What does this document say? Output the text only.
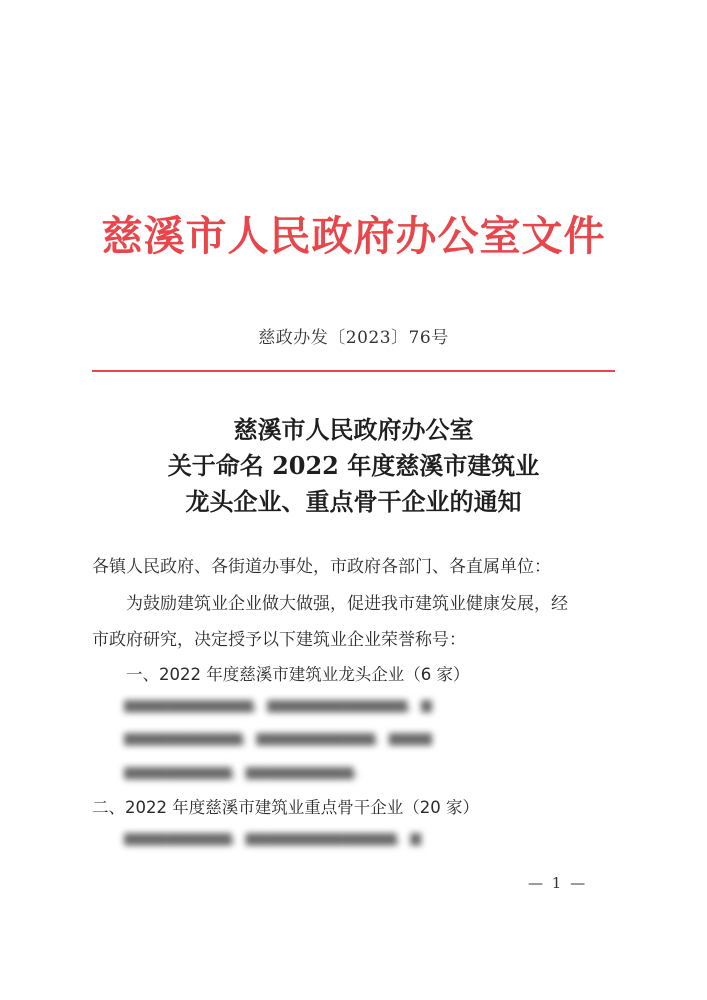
慈溪市人民政府办公室文件
慈政办发〔2023〕76号
慈溪市人民政府办公室
关于命名 2022 年度慈溪市建筑业
龙头企业、重点骨干企业的通知
各镇人民政府、各街道办事处，市政府各部门、各直属单位：
为鼓励建筑业企业做大做强，促进我市建筑业健康发展，经
市政府研究，决定授予以下建筑业企业荣誉称号：
一、2022 年度慈溪市建筑业龙头企业（6 家）
▆▆▆▆▆▆▆▆▆▆▆▆，▆▆▆▆▆▆▆▆▆▆▆▆▆，▆
▆▆▆▆▆▆▆▆▆▆▆，▆▆▆▆▆▆▆▆▆▆▆，▆▆▆▆
▆▆▆▆▆▆▆▆▆▆，▆▆▆▆▆▆▆▆▆▆。
二、2022 年度慈溪市建筑业重点骨干企业（20 家）
▆▆▆▆▆▆▆▆▆▆，▆▆▆▆▆▆▆▆▆▆▆▆▆▆，▆
— 1 —
